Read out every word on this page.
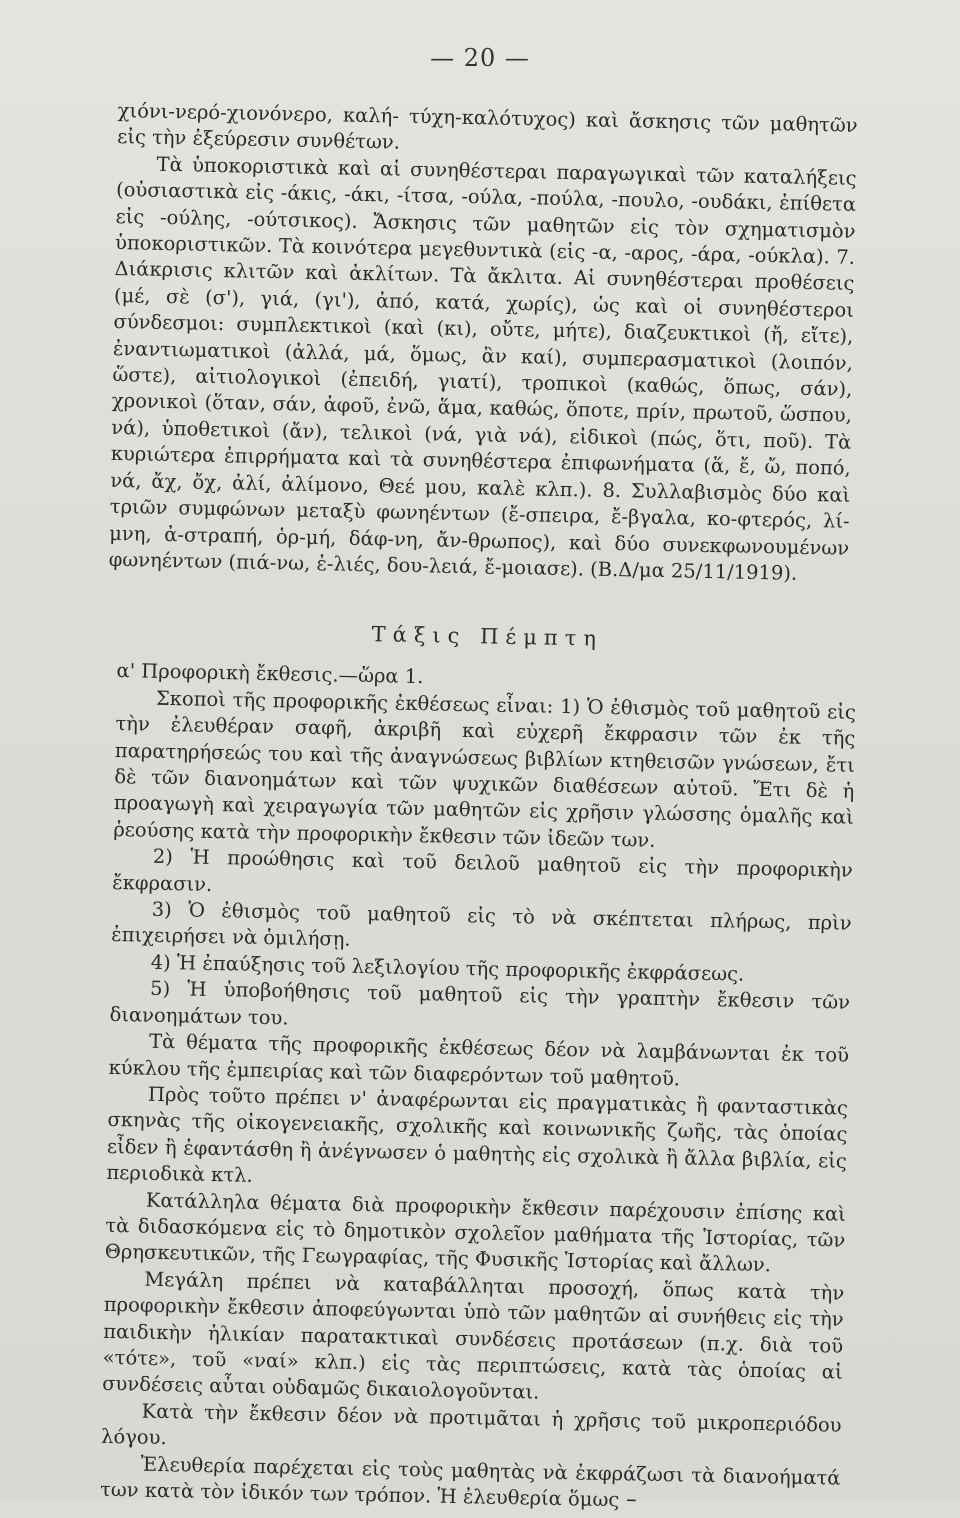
— 20 —

χιόνι-νερό-χιονόνερο, καλή- τύχη-καλότυχος) καὶ ἄσκησις τῶν μαθητῶν εἰς τὴν ἐξεύρεσιν συνθέτων.

Τὰ ὑποκοριστικὰ καὶ αἱ συνηθέστεραι παραγωγικαὶ τῶν καταλήξεις (οὐσιαστικὰ εἰς -άκις, -άκι, -ίτσα, -ούλα, -πούλα, -πουλο, -ουδάκι, ἐπίθετα εἰς -ούλης, -ούτσικος). Ἄσκησις τῶν μαθητῶν εἰς τὸν σχηματισμὸν ὑποκοριστικῶν. Τὰ κοινότερα μεγεθυντικὰ (εἰς -α, -αρος, -άρα, -ούκλα). 7. Διάκρισις κλιτῶν καὶ ἀκλίτων. Τὰ ἄκλιτα. Αἱ συνηθέστεραι προθέσεις (μέ, σὲ (σ'), γιά, (γι'), ἀπό, κατά, χωρίς), ὡς καὶ οἱ συνηθέστεροι σύνδεσμοι: συμπλεκτικοὶ (καὶ (κι), οὔτε, μήτε), διαζευκτικοὶ (ἤ, εἴτε), ἐναντιωματικοὶ (ἀλλά, μά, ὅμως, ἂν καί), συμπερασματικοὶ (λοιπόν, ὥστε), αἰτιολογικοὶ (ἐπειδή, γιατί), τροπικοὶ (καθώς, ὅπως, σάν), χρονικοὶ (ὅταν, σάν, ἀφοῦ, ἐνῶ, ἅμα, καθώς, ὅποτε, πρίν, πρωτοῦ, ὥσπου, νά), ὑποθετικοὶ (ἄν), τελικοὶ (νά, γιὰ νά), εἰδικοὶ (πώς, ὅτι, ποῦ). Τὰ κυριώτερα ἐπιρρήματα καὶ τὰ συνηθέστερα ἐπιφωνήματα (ἅ, ἔ, ὤ, ποπό, νά, ἄχ, ὄχ, ἀλί, ἀλίμονο, Θεέ μου, καλὲ κλπ.). 8. Συλλαβισμὸς δύο καὶ τριῶν συμφώνων μεταξὺ φωνηέντων (ἔ-σπειρα, ἔ-βγαλα, κο-φτερός, λί-μνη, ἀ-στραπή, ὁρ-μή, δάφ-νη, ἄν-θρωπος), καὶ δύο συνεκφωνουμένων φωνηέντων (πιά-νω, ἐ-λιές, δου-λειά, ἔ-μοιασε). (Β.Δ/μα 25/11/1919).

Τάξις Πέμπτη

α' Προφορικὴ ἔκθεσις.—ὥρα 1.

Σκοποὶ τῆς προφορικῆς ἐκθέσεως εἶναι: 1) Ὁ ἐθισμὸς τοῦ μαθητοῦ εἰς τὴν ἐλευθέραν σαφῆ, ἀκριβῆ καὶ εὐχερῆ ἔκφρασιν τῶν ἐκ τῆς παρατηρήσεώς του καὶ τῆς ἀναγνώσεως βιβλίων κτηθεισῶν γνώσεων, ἔτι δὲ τῶν διανοημάτων καὶ τῶν ψυχικῶν διαθέσεων αὐτοῦ. Ἔτι δὲ ἡ προαγωγὴ καὶ χειραγωγία τῶν μαθητῶν εἰς χρῆσιν γλώσσης ὁμαλῆς καὶ ῥεούσης κατὰ τὴν προφορικὴν ἔκθεσιν τῶν ἰδεῶν των.

2) Ἡ προώθησις καὶ τοῦ δειλοῦ μαθητοῦ εἰς τὴν προφορικὴν ἔκφρασιν.

3) Ὁ ἐθισμὸς τοῦ μαθητοῦ εἰς τὸ νὰ σκέπτεται πλήρως, πρὶν ἐπιχειρήσει νὰ ὁμιλήσῃ.

4) Ἡ ἐπαύξησις τοῦ λεξιλογίου τῆς προφορικῆς ἐκφράσεως.

5) Ἡ ὑποβοήθησις τοῦ μαθητοῦ εἰς τὴν γραπτὴν ἔκθεσιν τῶν διανοημάτων του.

Τὰ θέματα τῆς προφορικῆς ἐκθέσεως δέον νὰ λαμβάνωνται ἐκ τοῦ κύκλου τῆς ἐμπειρίας καὶ τῶν διαφερόντων τοῦ μαθητοῦ.

Πρὸς τοῦτο πρέπει ν' ἀναφέρωνται εἰς πραγματικὰς ἢ φανταστικὰς σκηνὰς τῆς οἰκογενειακῆς, σχολικῆς καὶ κοινωνικῆς ζωῆς, τὰς ὁποίας εἶδεν ἢ ἐφαντάσθη ἢ ἀνέγνωσεν ὁ μαθητὴς εἰς σχολικὰ ἢ ἄλλα βιβλία, εἰς περιοδικὰ κτλ.

Κατάλληλα θέματα διὰ προφορικὴν ἔκθεσιν παρέχουσιν ἐπίσης καὶ τὰ διδασκόμενα εἰς τὸ δημοτικὸν σχολεῖον μαθήματα τῆς Ἱστορίας, τῶν Θρησκευτικῶν, τῆς Γεωγραφίας, τῆς Φυσικῆς Ἱστορίας καὶ ἄλλων.

Μεγάλη πρέπει νὰ καταβάλληται προσοχή, ὅπως κατὰ τὴν προφορικὴν ἔκθεσιν ἀποφεύγωνται ὑπὸ τῶν μαθητῶν αἱ συνήθεις εἰς τὴν παιδικὴν ἡλικίαν παρατακτικαὶ συνδέσεις προτάσεων (π.χ. διὰ τοῦ «τότε», τοῦ «ναί» κλπ.) εἰς τὰς περιπτώσεις, κατὰ τὰς ὁποίας αἱ συνδέσεις αὗται οὐδαμῶς δικαιολογοῦνται.

Κατὰ τὴν ἔκθεσιν δέον νὰ προτιμᾶται ἡ χρῆσις τοῦ μικροπεριόδου λόγου.

Ἐλευθερία παρέχεται εἰς τοὺς μαθητὰς νὰ ἐκφράζωσι τὰ διανοήματά των κατὰ τὸν ἰδικόν των τρόπον. Ἡ ἐλευθερία ὅμως −
